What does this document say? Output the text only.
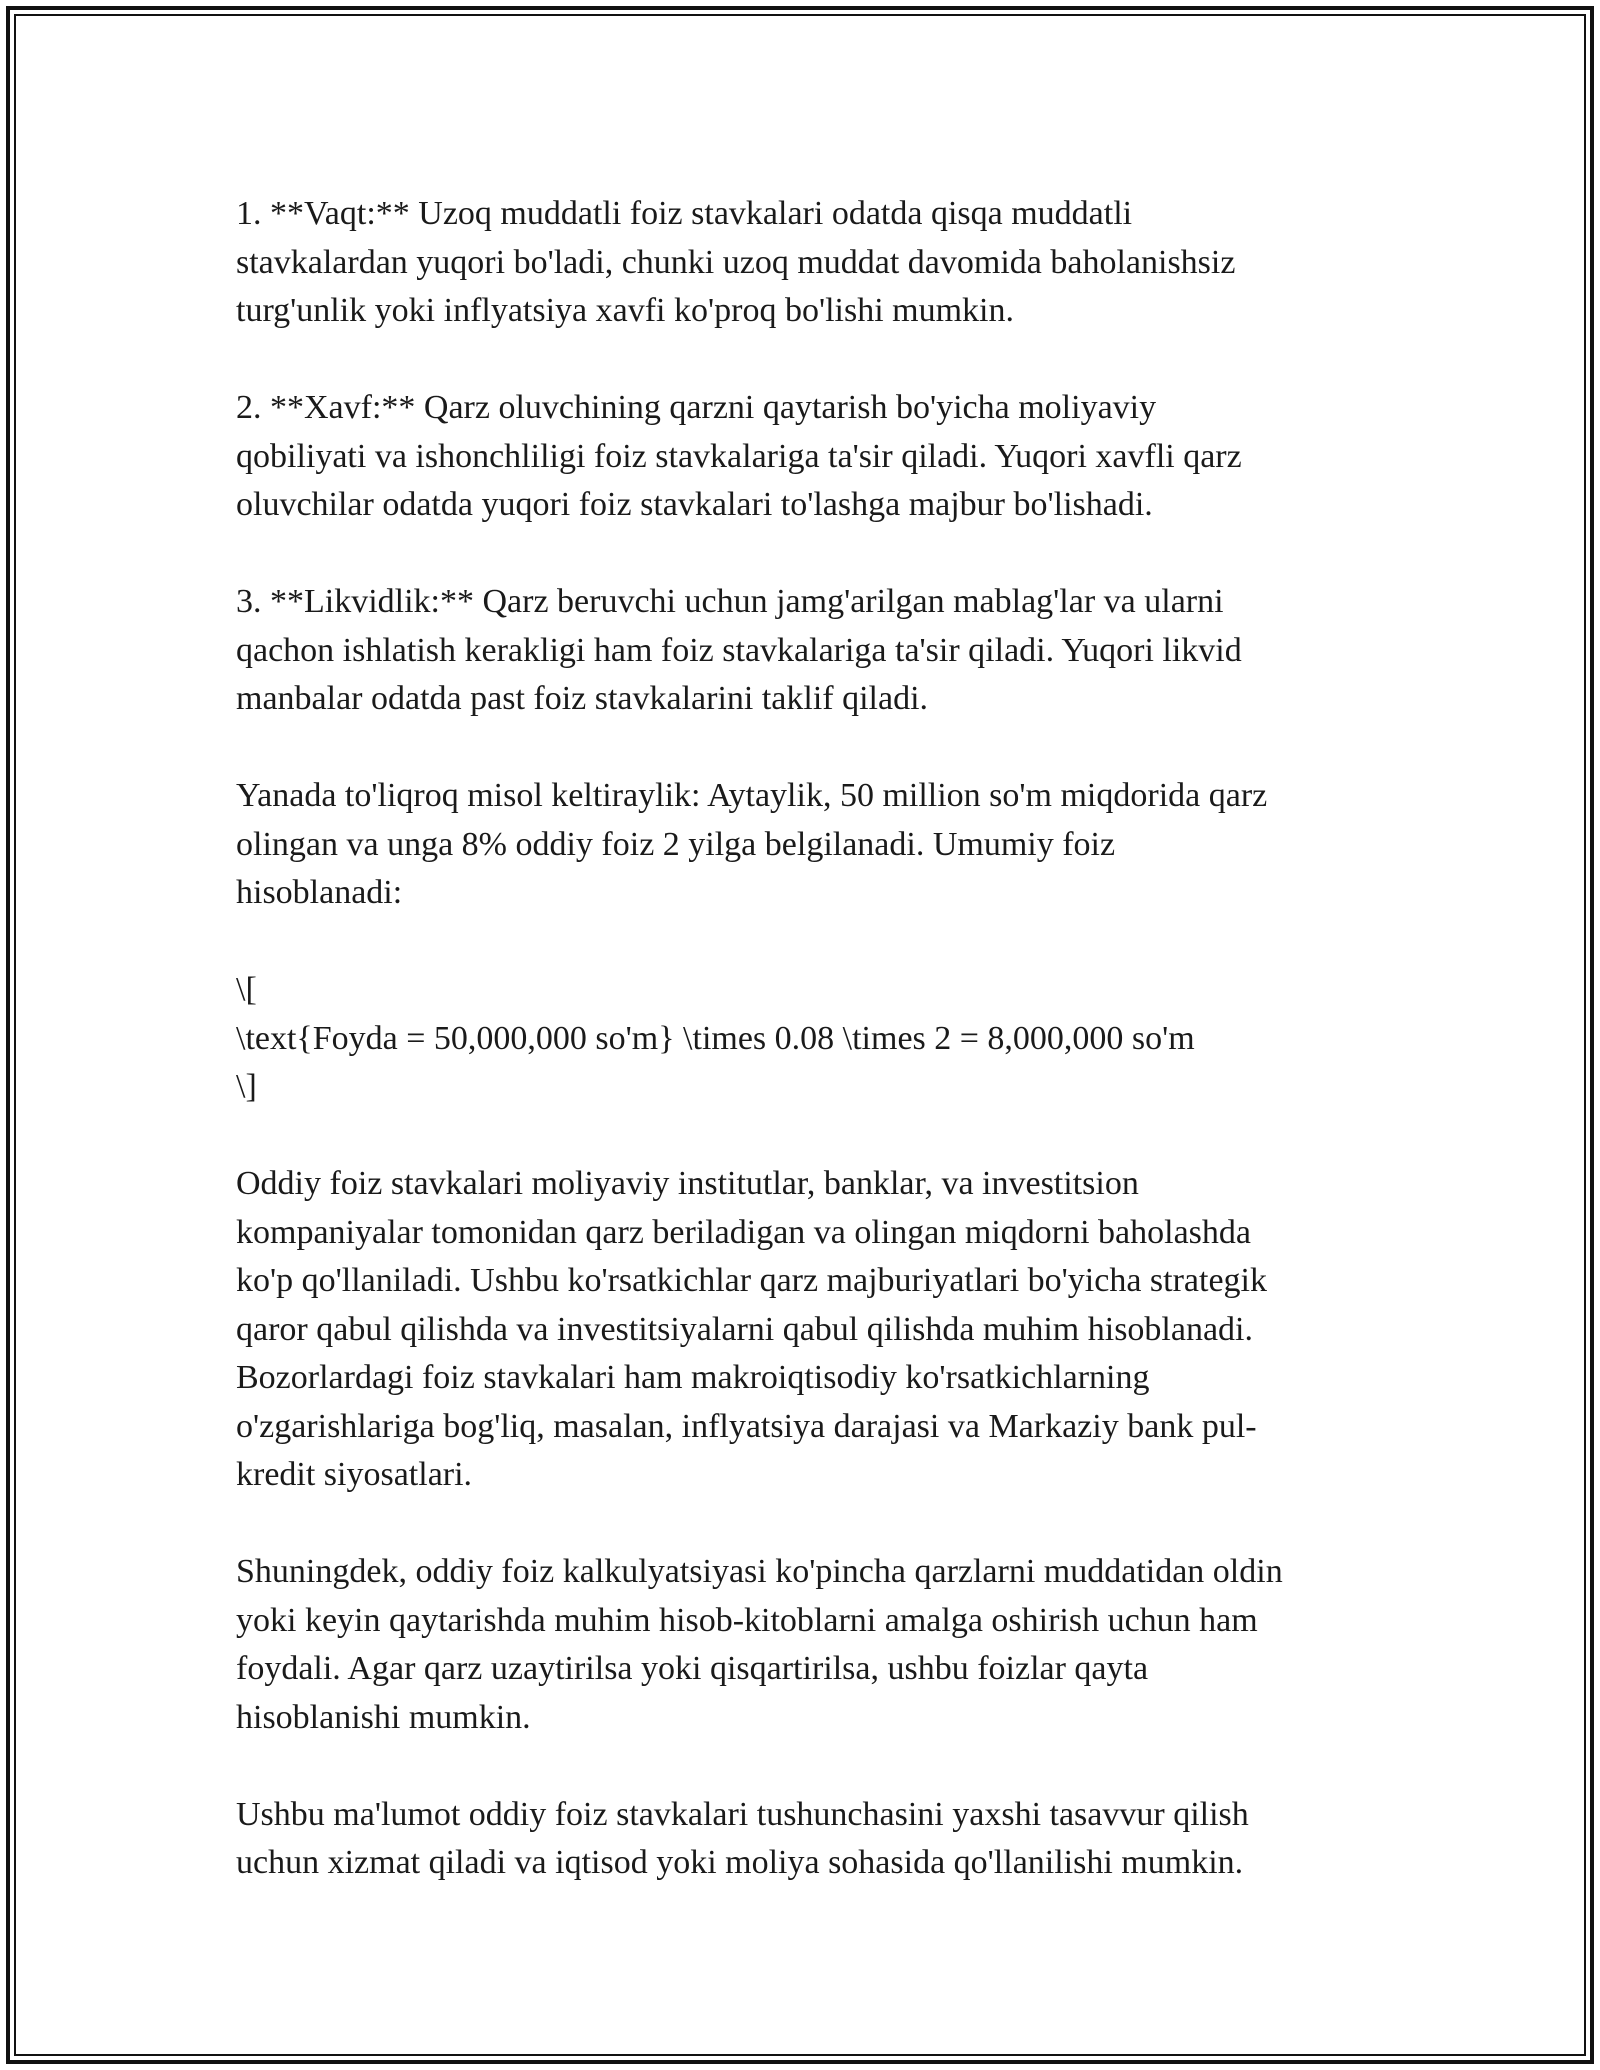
1. **Vaqt:** Uzoq muddatli foiz stavkalari odatda qisqa muddatli
stavkalardan yuqori bo'ladi, chunki uzoq muddat davomida baholanishsiz
turg'unlik yoki inflyatsiya xavfi ko'proq bo'lishi mumkin.

2. **Xavf:** Qarz oluvchining qarzni qaytarish bo'yicha moliyaviy
qobiliyati va ishonchliligi foiz stavkalariga ta'sir qiladi. Yuqori xavfli qarz
oluvchilar odatda yuqori foiz stavkalari to'lashga majbur bo'lishadi.

3. **Likvidlik:** Qarz beruvchi uchun jamg'arilgan mablag'lar va ularni
qachon ishlatish kerakligi ham foiz stavkalariga ta'sir qiladi. Yuqori likvid
manbalar odatda past foiz stavkalarini taklif qiladi.

Yanada to'liqroq misol keltiraylik: Aytaylik, 50 million so'm miqdorida qarz
olingan va unga 8% oddiy foiz 2 yilga belgilanadi. Umumiy foiz
hisoblanadi:

\[
\text{Foyda = 50,000,000 so'm} \times 0.08 \times 2 = 8,000,000 so'm
\]

Oddiy foiz stavkalari moliyaviy institutlar, banklar, va investitsion
kompaniyalar tomonidan qarz beriladigan va olingan miqdorni baholashda
ko'p qo'llaniladi. Ushbu ko'rsatkichlar qarz majburiyatlari bo'yicha strategik
qaror qabul qilishda va investitsiyalarni qabul qilishda muhim hisoblanadi.
Bozorlardagi foiz stavkalari ham makroiqtisodiy ko'rsatkichlarning
o'zgarishlariga bog'liq, masalan, inflyatsiya darajasi va Markaziy bank pul-
kredit siyosatlari.

Shuningdek, oddiy foiz kalkulyatsiyasi ko'pincha qarzlarni muddatidan oldin
yoki keyin qaytarishda muhim hisob-kitoblarni amalga oshirish uchun ham
foydali. Agar qarz uzaytirilsa yoki qisqartirilsa, ushbu foizlar qayta
hisoblanishi mumkin.

Ushbu ma'lumot oddiy foiz stavkalari tushunchasini yaxshi tasavvur qilish
uchun xizmat qiladi va iqtisod yoki moliya sohasida qo'llanilishi mumkin.
